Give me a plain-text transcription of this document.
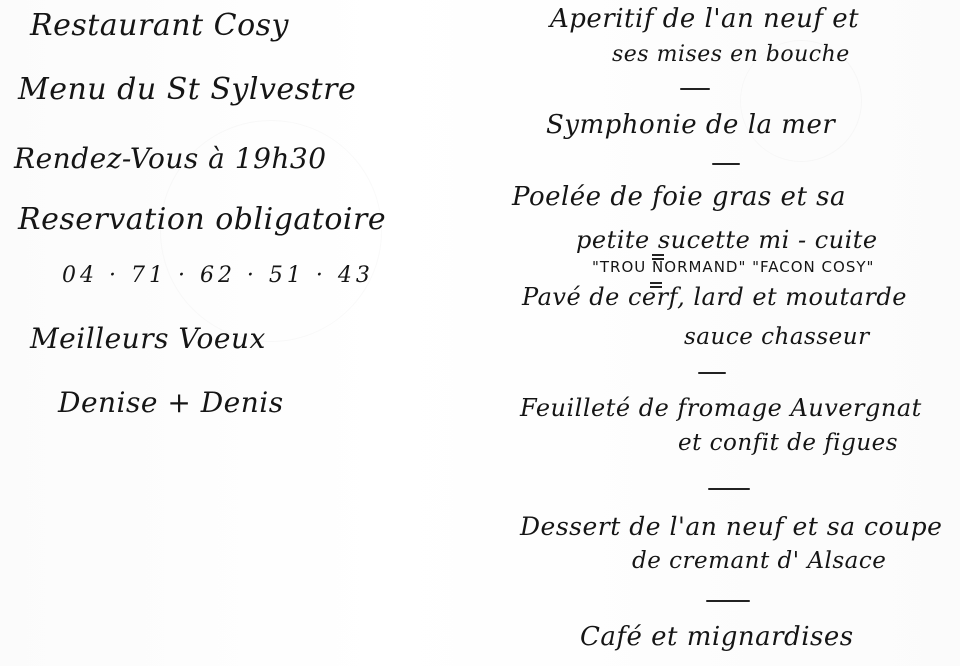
Restaurant Cosy
Menu du St Sylvestre
Rendez-Vous à 19h30
Reservation obligatoire
04 · 71 · 62 · 51 · 43
Meilleurs Voeux
Denise + Denis
Aperitif de l'an neuf et
ses mises en bouche
Symphonie de la mer
Poelée de foie gras et sa
petite sucette mi - cuite
"TROU NORMAND" "FACON COSY"
Pavé de cerf, lard et moutarde
sauce chasseur
Feuilleté de fromage Auvergnat
et confit de figues
Dessert de l'an neuf et sa coupe
de cremant d' Alsace
Café et mignardises
